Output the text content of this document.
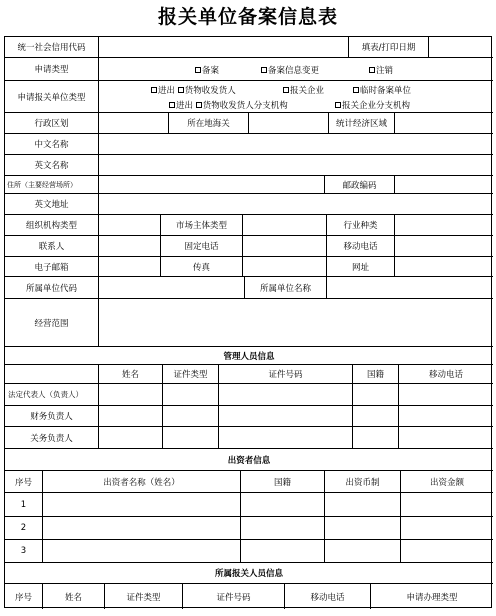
报关单位备案信息表
统一社会信用代码	填表/打印日期
申请类型	备案	备案信息变更	注销
申请报关单位类型
进出
货物收发货人	报关企业	临时备案单位
进出
货物收发货人分支机构	报关企业分支机构
行政区划	所在地海关	统计经济区域
中文名称
英文名称
住所（主要经营场所）	邮政编码
英文地址
组织机构类型	市场主体类型	行业种类
联系人	固定电话	移动电话
电子邮箱	传真	网址
所属单位代码	所属单位名称
经营范围
管理人员信息
姓名	证件类型	证件号码	国籍	移动电话
法定代表人（负责人）
财务负责人
关务负责人
出资者信息
序号	出资者名称（姓名）	国籍	出资币制	出资金额
1
2
3
所属报关人员信息
序号	姓名	证件类型	证件号码	移动电话	申请办理类型
